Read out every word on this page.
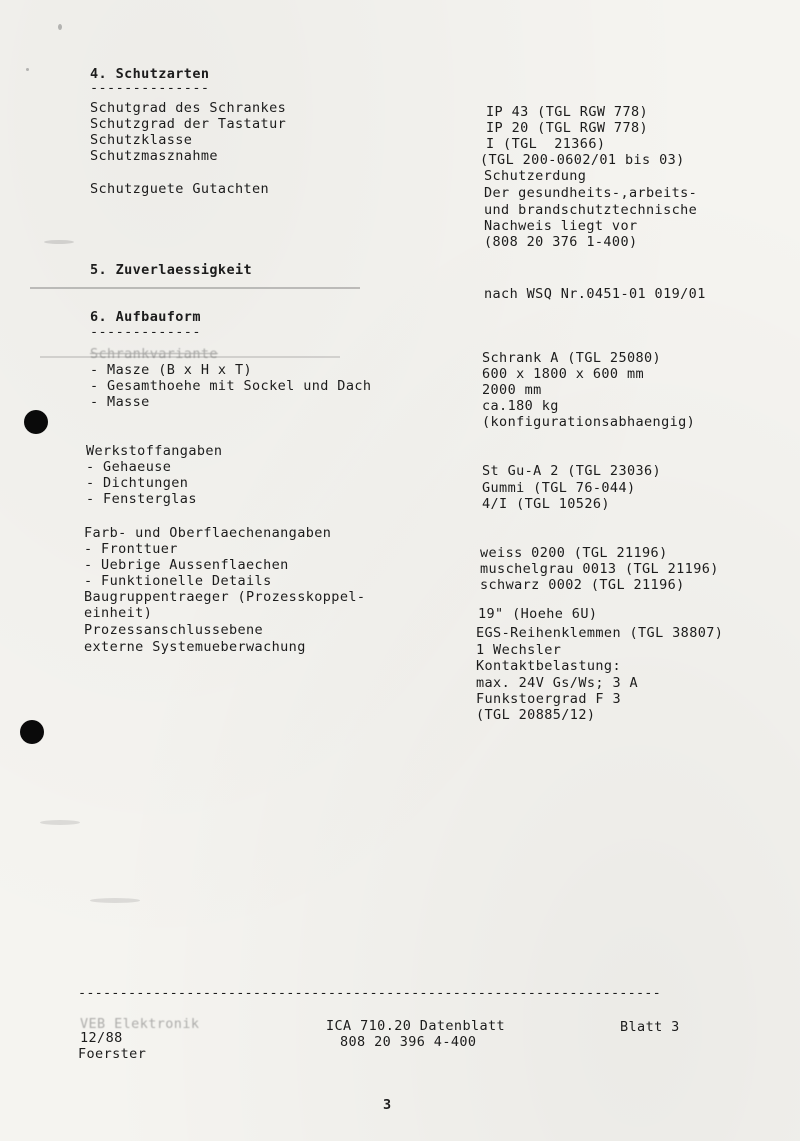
4. Schutzarten
--------------
Schutgrad des Schrankes
Schutzgrad der Tastatur
Schutzklasse
Schutzmasznahme
IP 43 (TGL RGW 778)
IP 20 (TGL RGW 778)
I (TGL  21366)
(TGL 200-0602/01 bis 03)
Schutzerdung
Schutzguete Gutachten	Der gesundheits-,arbeits-
und brandschutztechnische
Nachweis liegt vor
(808 20 376 1-400)
5. Zuverlaessigkeit
nach WSQ Nr.0451-01 019/01
6. Aufbauform
-------------
Schrankvariante
- Masze (B x H x T)
- Gesamthoehe mit Sockel und Dach
- Masse
Schrank A (TGL 25080)
600 x 1800 x 600 mm
2000 mm
ca.180 kg
(konfigurationsabhaengig)
Werkstoffangaben
- Gehaeuse
- Dichtungen
- Fensterglas
St Gu-A 2 (TGL 23036)
Gummi (TGL 76-044)
4/I (TGL 10526)
Farb- und Oberflaechenangaben
- Fronttuer
- Uebrige Aussenflaechen
- Funktionelle Details
weiss 0200 (TGL 21196)
muschelgrau 0013 (TGL 21196)
schwarz 0002 (TGL 21196)
Baugruppentraeger (Prozesskoppel-
einheit)
Prozessanschlussebene
externe Systemueberwachung
19" (Hoehe 6U)
EGS-Reihenklemmen (TGL 38807)
1 Wechsler
Kontaktbelastung:
max. 24V Gs/Ws; 3 A
Funkstoergrad F 3
(TGL 20885/12)
----------------------------------------------------------------------
VEB Elektronik
12/88
Foerster
ICA 710.20 Datenblatt
808 20 396 4-400
Blatt 3
3
